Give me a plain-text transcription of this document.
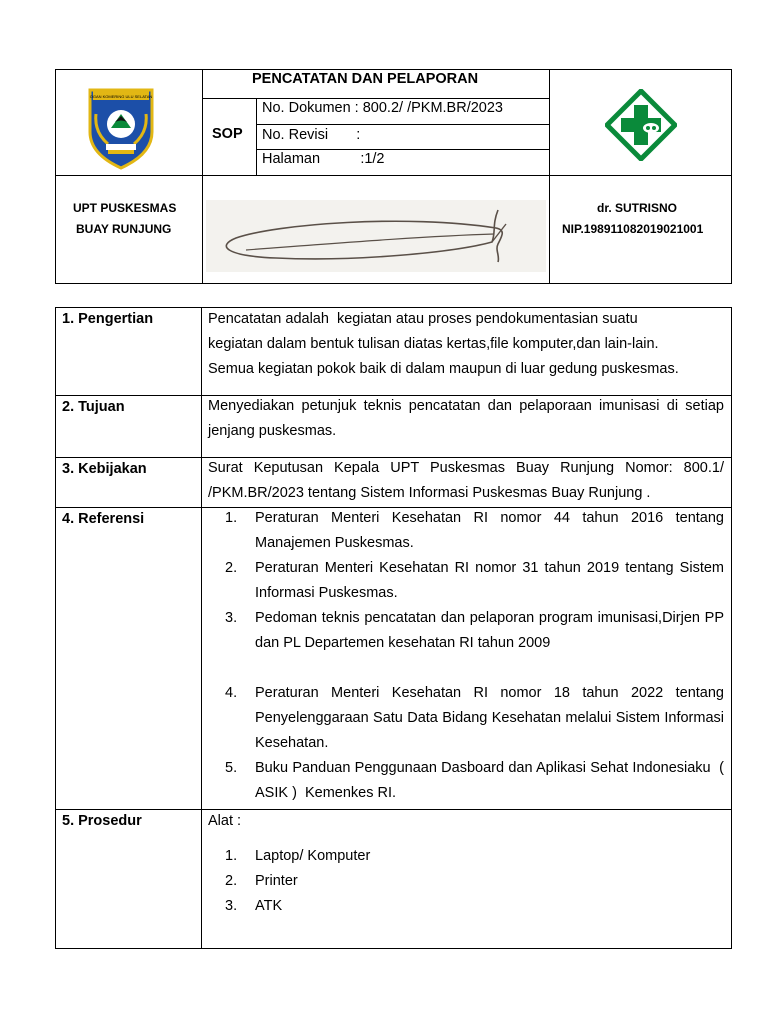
OGAN KOMERING ULU SELATAN
PENCATATAN DAN PELAPORAN
SOP
No. Dokumen : 800.2/ /PKM.BR/2023
No. Revisi       :
Halaman          :1/2
UPT PUSKESMAS
BUAY RUNJUNG
dr. SUTRISNO
NIP.198911082019021001
1. Pengertian	Pencatatan adalah  kegiatan atau proses pendokumentasian suatu
kegiatan dalam bentuk tulisan diatas kertas,file komputer,dan lain-lain.
Semua kegiatan pokok baik di dalam maupun di luar gedung puskesmas.
2. Tujuan	Menyediakan petunjuk teknis pencatatan dan pelaporaan imunisasi di setiap jenjang puskesmas.
3. Kebijakan	Surat Keputusan Kepala UPT Puskesmas Buay Runjung Nomor: 800.1/ /PKM.BR/2023 tentang Sistem Informasi Puskesmas Buay Runjung .
4. Referensi	1. Peraturan Menteri Kesehatan RI nomor 44 tahun 2016 tentang Manajemen Puskesmas.
2. Peraturan Menteri Kesehatan RI nomor 31 tahun 2019 tentang Sistem Informasi Puskesmas.
3. Pedoman teknis pencatatan dan pelaporan program imunisasi,Dirjen PP dan PL Departemen kesehatan RI tahun 2009
4. Peraturan Menteri Kesehatan RI nomor 18 tahun 2022 tentang Penyelenggaraan Satu Data Bidang Kesehatan melalui Sistem Informasi Kesehatan.
5. Buku Panduan Penggunaan Dasboard dan Aplikasi Sehat Indonesiaku  ( ASIK )  Kemenkes RI.
5. Prosedur	Alat :
1. Laptop/ Komputer
2. Printer
3. ATK
